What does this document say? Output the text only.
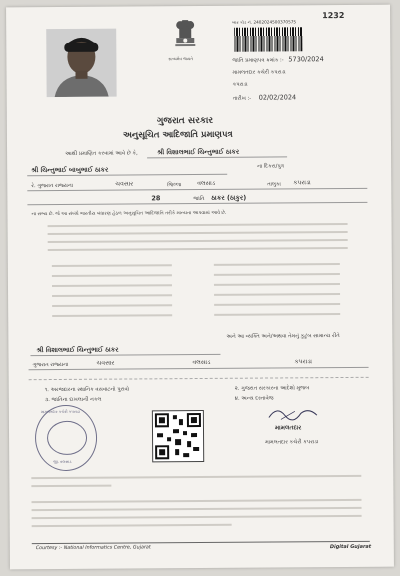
સત્યમેવ જયતે
1232
બાર કોડ નં. 2402024500370575
જાતિ પ્રમાણપત્ર ક્રમાંક :- 5730/2024
મામલતદાર કચેરી કપરાડા
કપરાડા
તારીખ :- 02/02/2024
ગુજરાત સરકાર
અનુસૂચિત આદિજાતિ પ્રમાણપત્ર
આથી પ્રમાણિત કરવામાં આવે છે કે,	શ્રી વિશાલભાઈ ચિન્તુભાઈ ઠાકર
ના દિકરા/પુત્ર
શ્રી ચિન્તુભાઈ બાબુભાઈ ઠાકર
રે. ગુજરાત રાજ્યના	ચવસાર	જિલ્લા	વલસાડ	તાલુકા કપરાડા
28	જાતિ ઠાકર (ઠાકુર)
ના સભ્ય છે. જે આ સંબંધે ભારતીય બંધારણ હેઠળ અનુસૂચિત આદિજાતિ તરીકે માન્યતા આપવામાં આવે છે.
અને આ વ્યક્તિ અને/અથવા તેમનું કુટુંબ સામાન્ય રીતે
શ્રી વિશાલભાઈ ચિન્તુભાઈ ઠાકર
ગુજરાત રાજ્યના	ચવસાર	વલસાડ	કપરાડા
૧. અરજદારના સ્થાનિક વસવાટનો પુરાવો	૨. ગુજરાત સરકારના આદેશો મુજબ
૩. જાતિના દાખલાની નકલ	૪. અન્ય દસ્તાવેજ
મામલતદાર કચેરી કપરાડા
જી. વલસાડ
મામલતદાર
મામલતદાર કચેરી કપરાડા
Courtesy :- National Informatics Centre, Gujarat	Digital Gujarat
